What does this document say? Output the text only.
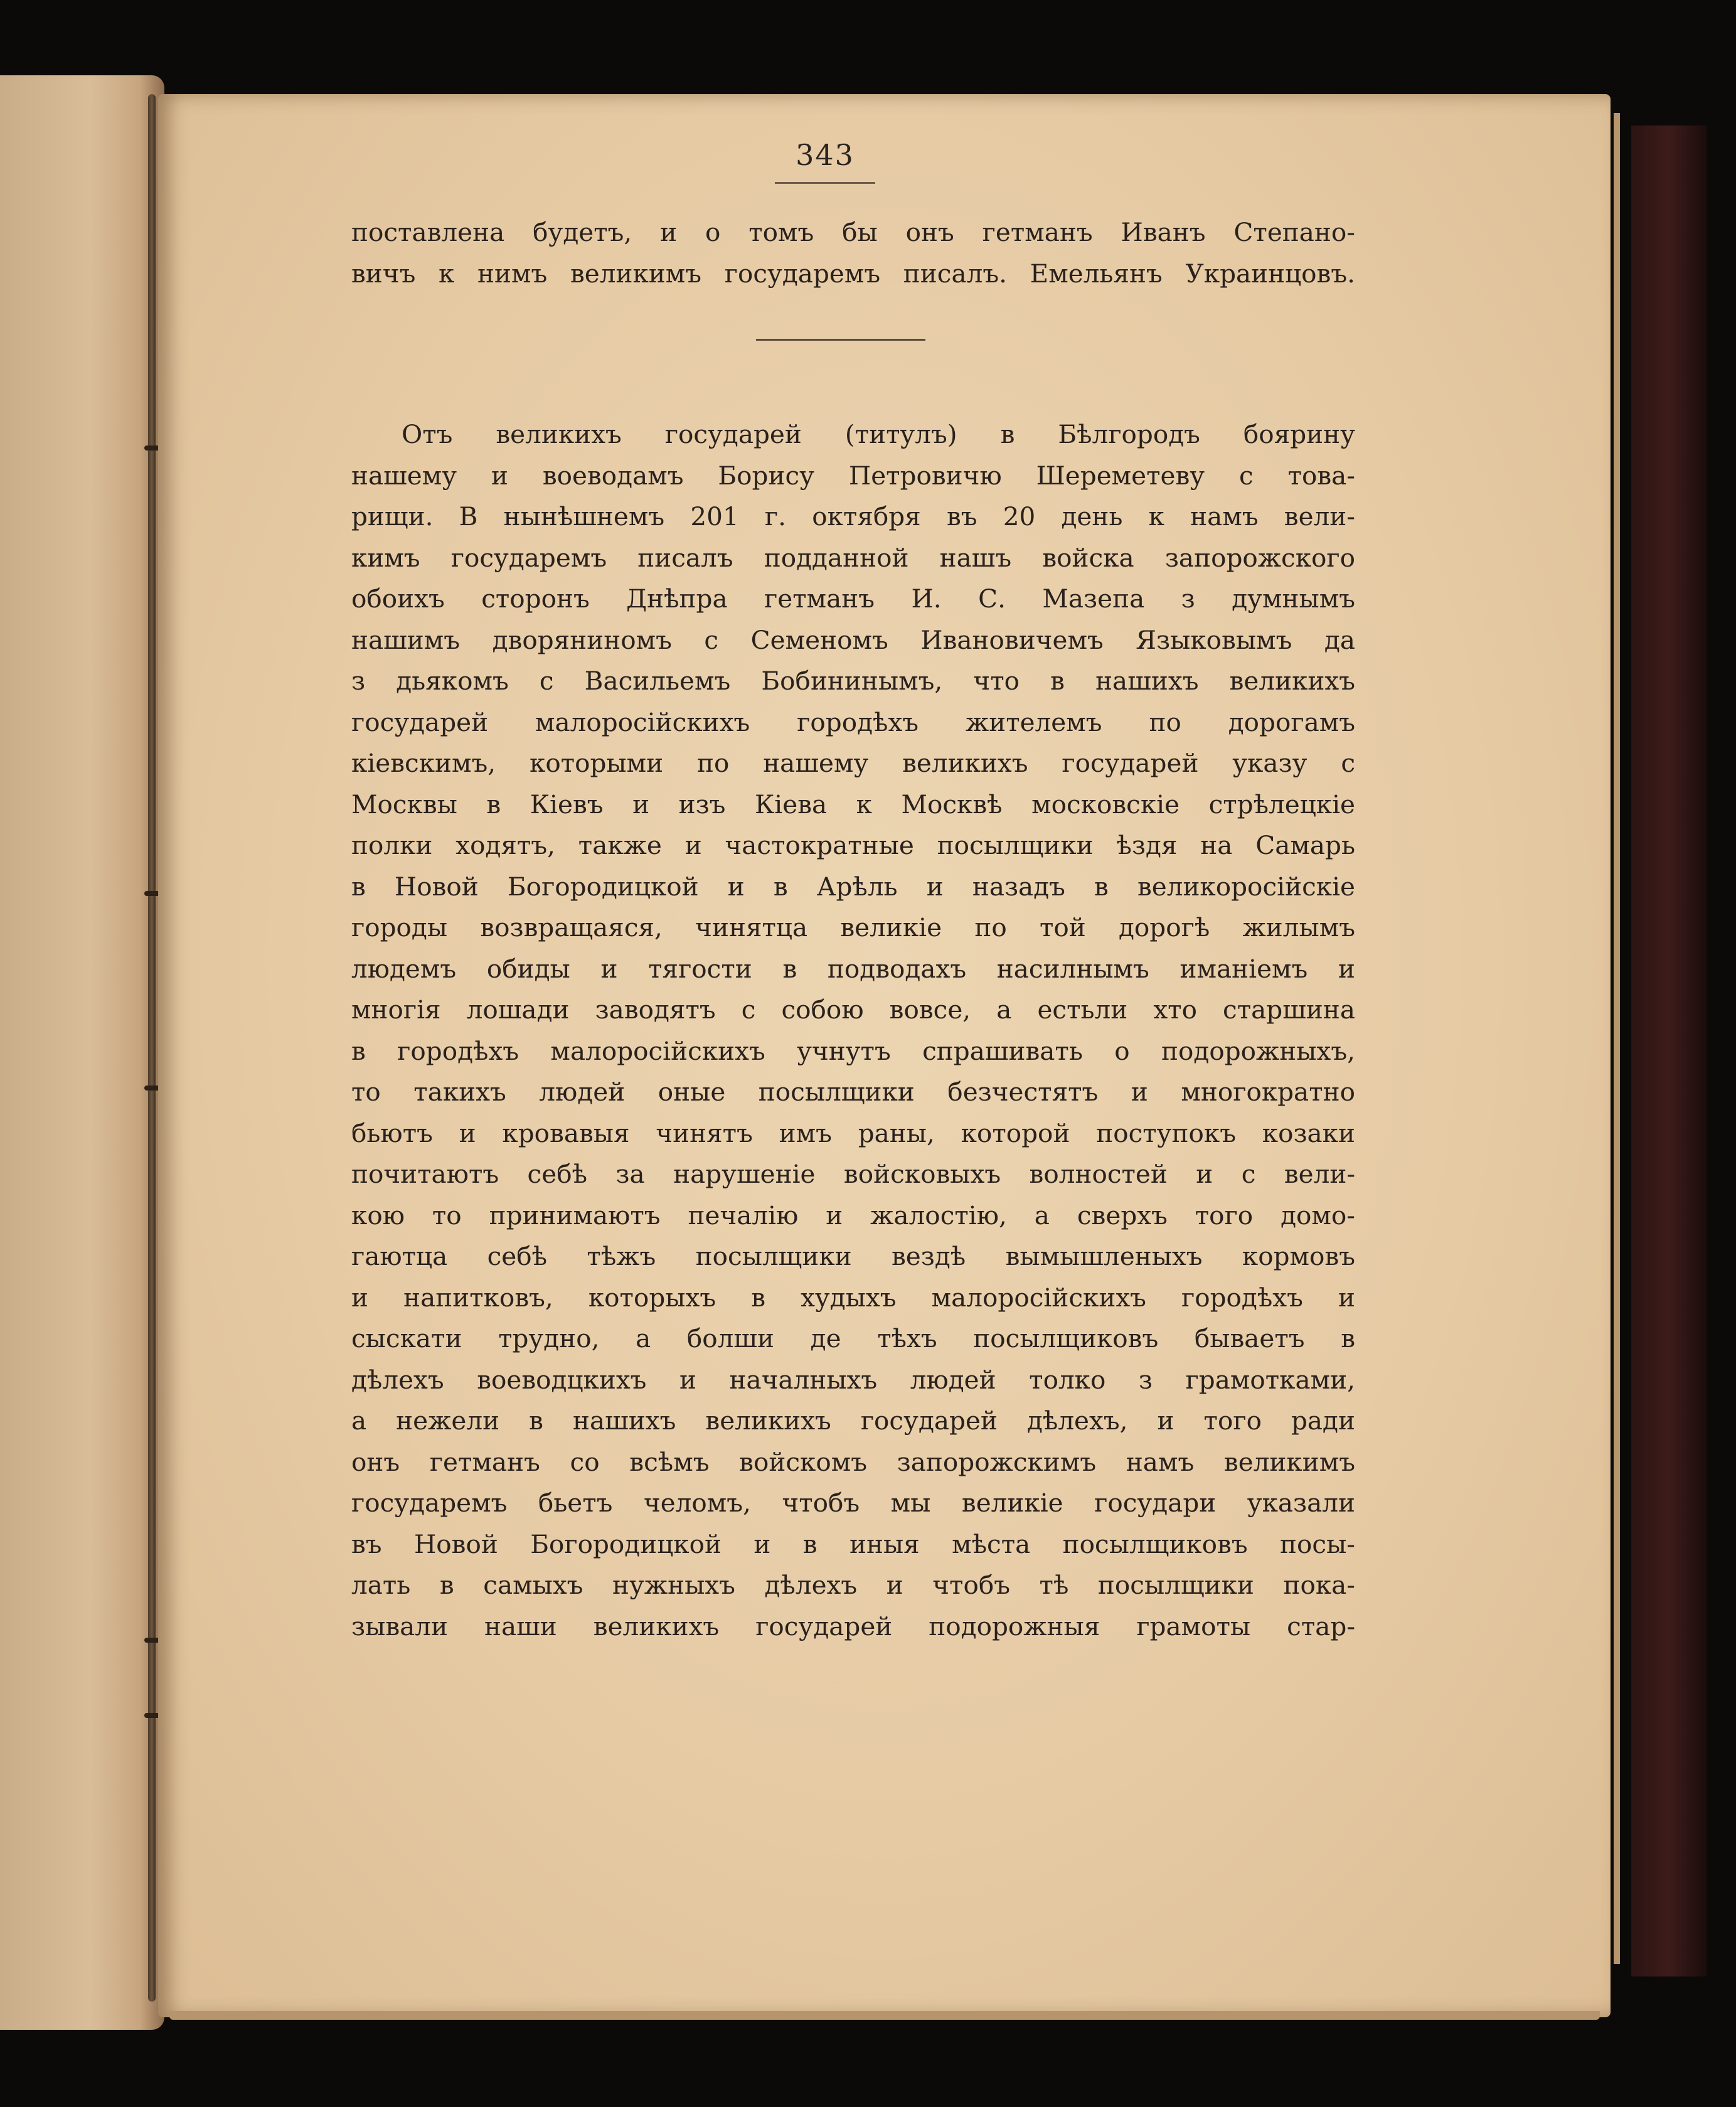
343
поставлена будетъ, и о томъ бы онъ гетманъ Иванъ Степано-
вичъ к нимъ великимъ государемъ писалъ. Емельянъ Украинцовъ.
Отъ великихъ государей (титулъ) в Бѣлгородъ боярину
нашему и воеводамъ Борису Петровичю Шереметеву с това-
рищи. В нынѣшнемъ 201 г. октября въ 20 день к намъ вели-
кимъ государемъ писалъ подданной нашъ войска запорожского
обоихъ сторонъ Днѣпра гетманъ И. С. Мазепа з думнымъ
нашимъ дворяниномъ с Семеномъ Ивановичемъ Языковымъ да
з дьякомъ с Васильемъ Бобининымъ, что в нашихъ великихъ
государей малоросійскихъ городѣхъ жителемъ по дорогамъ
кіевскимъ, которыми по нашему великихъ государей указу с
Москвы в Кіевъ и изъ Кіева к Москвѣ московскіе стрѣлецкіе
полки ходятъ, также и частократные посылщики ѣздя на Самарь
в Новой Богородицкой и в Арѣль и назадъ в великоросійскіе
городы возвращаяся, чинятца великіе по той дорогѣ жилымъ
людемъ обиды и тягости в подводахъ насилнымъ иманіемъ и
многія лошади заводятъ с собою вовсе, а естьли хто старшина
в городѣхъ малоросійскихъ учнутъ спрашивать о подорожныхъ,
то такихъ людей оные посылщики безчестятъ и многократно
бьютъ и кровавыя чинятъ имъ раны, которой поступокъ козаки
почитаютъ себѣ за нарушеніе войсковыхъ волностей и с вели-
кою то принимаютъ печалію и жалостію, а сверхъ того домо-
гаютца себѣ тѣжъ посылщики вездѣ вымышленыхъ кормовъ
и напитковъ, которыхъ в худыхъ малоросійскихъ городѣхъ и
сыскати трудно, а болши де тѣхъ посылщиковъ бываетъ в
дѣлехъ воеводцкихъ и началныхъ людей толко з грамотками,
а нежели в нашихъ великихъ государей дѣлехъ, и того ради
онъ гетманъ со всѣмъ войскомъ запорожскимъ намъ великимъ
государемъ бьетъ челомъ, чтобъ мы великіе государи указали
въ Новой Богородицкой и в иныя мѣста посылщиковъ посы-
лать в самыхъ нужныхъ дѣлехъ и чтобъ тѣ посылщики пока-
зывали наши великихъ государей подорожныя грамоты стар-
